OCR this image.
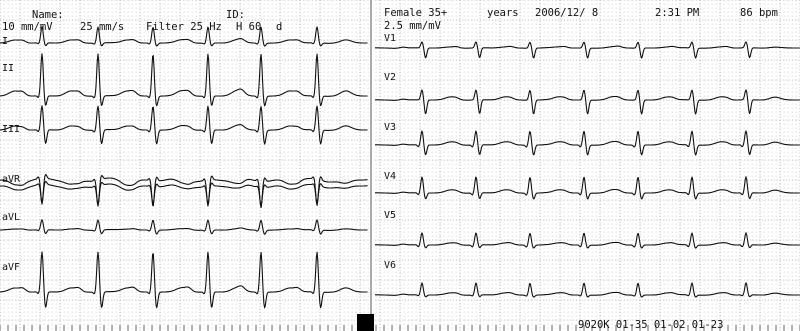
I
II
III
aVR
aVL
aVF
V1
V2
V3
V4
V5
V6
Name:	ID:
10 mm/mV	25 mm/s Filter 25 Hz H 60 d
Female 35+	years 2006/12/ 8	2:31 PM	86 bpm
2.5 mm/mV
9020K 01-35 01-02 01-23
